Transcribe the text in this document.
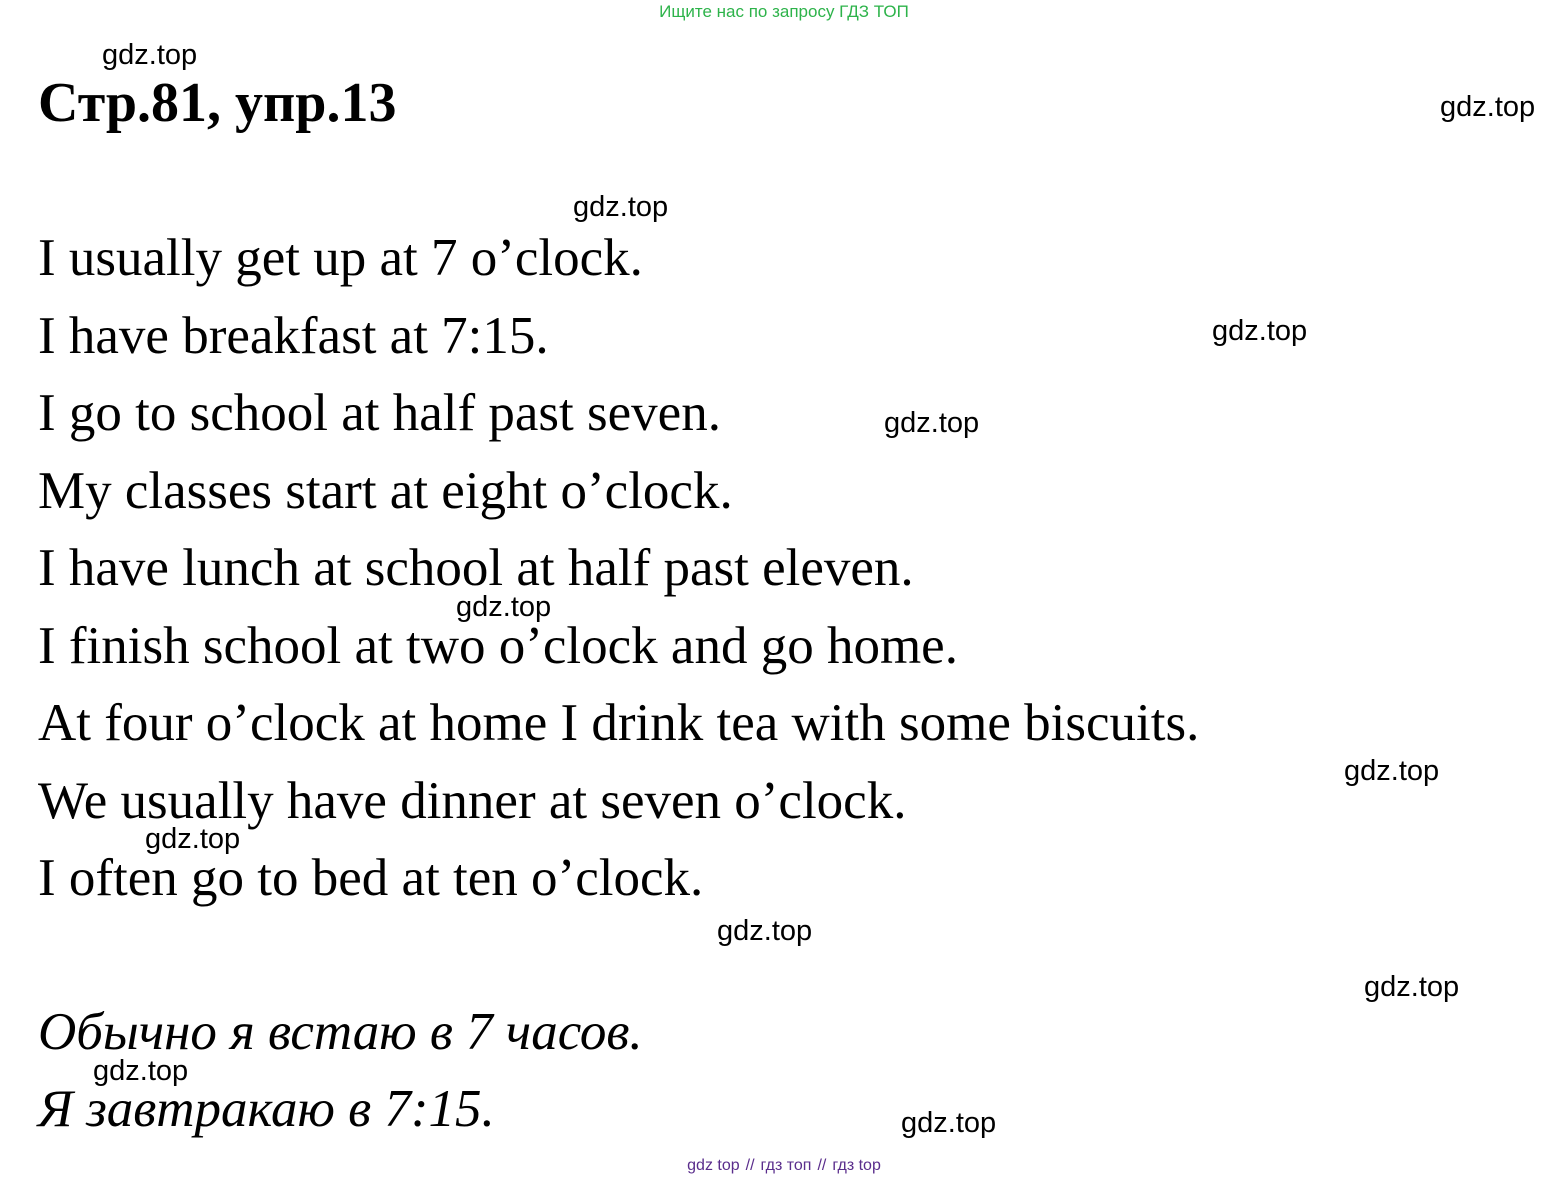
Ищите нас по запросу ГДЗ ТОП
Стр.81, упр.13
I usually get up at 7 o’clock.
I have breakfast at 7:15.
I go to school at half past seven.
My classes start at eight o’clock.
I have lunch at school at half past eleven.
I finish school at two o’clock and go home.
At four o’clock at home I drink tea with some biscuits.
We usually have dinner at seven o’clock.
I often go to bed at ten o’clock.
Обычно я встаю в 7 часов.
Я завтракаю в 7:15.
gdz.top
gdz.top
gdz.top
gdz.top
gdz.top
gdz.top
gdz.top
gdz.top
gdz.top
gdz.top
gdz.top
gdz.top
gdz top // гдз топ // гдз top
